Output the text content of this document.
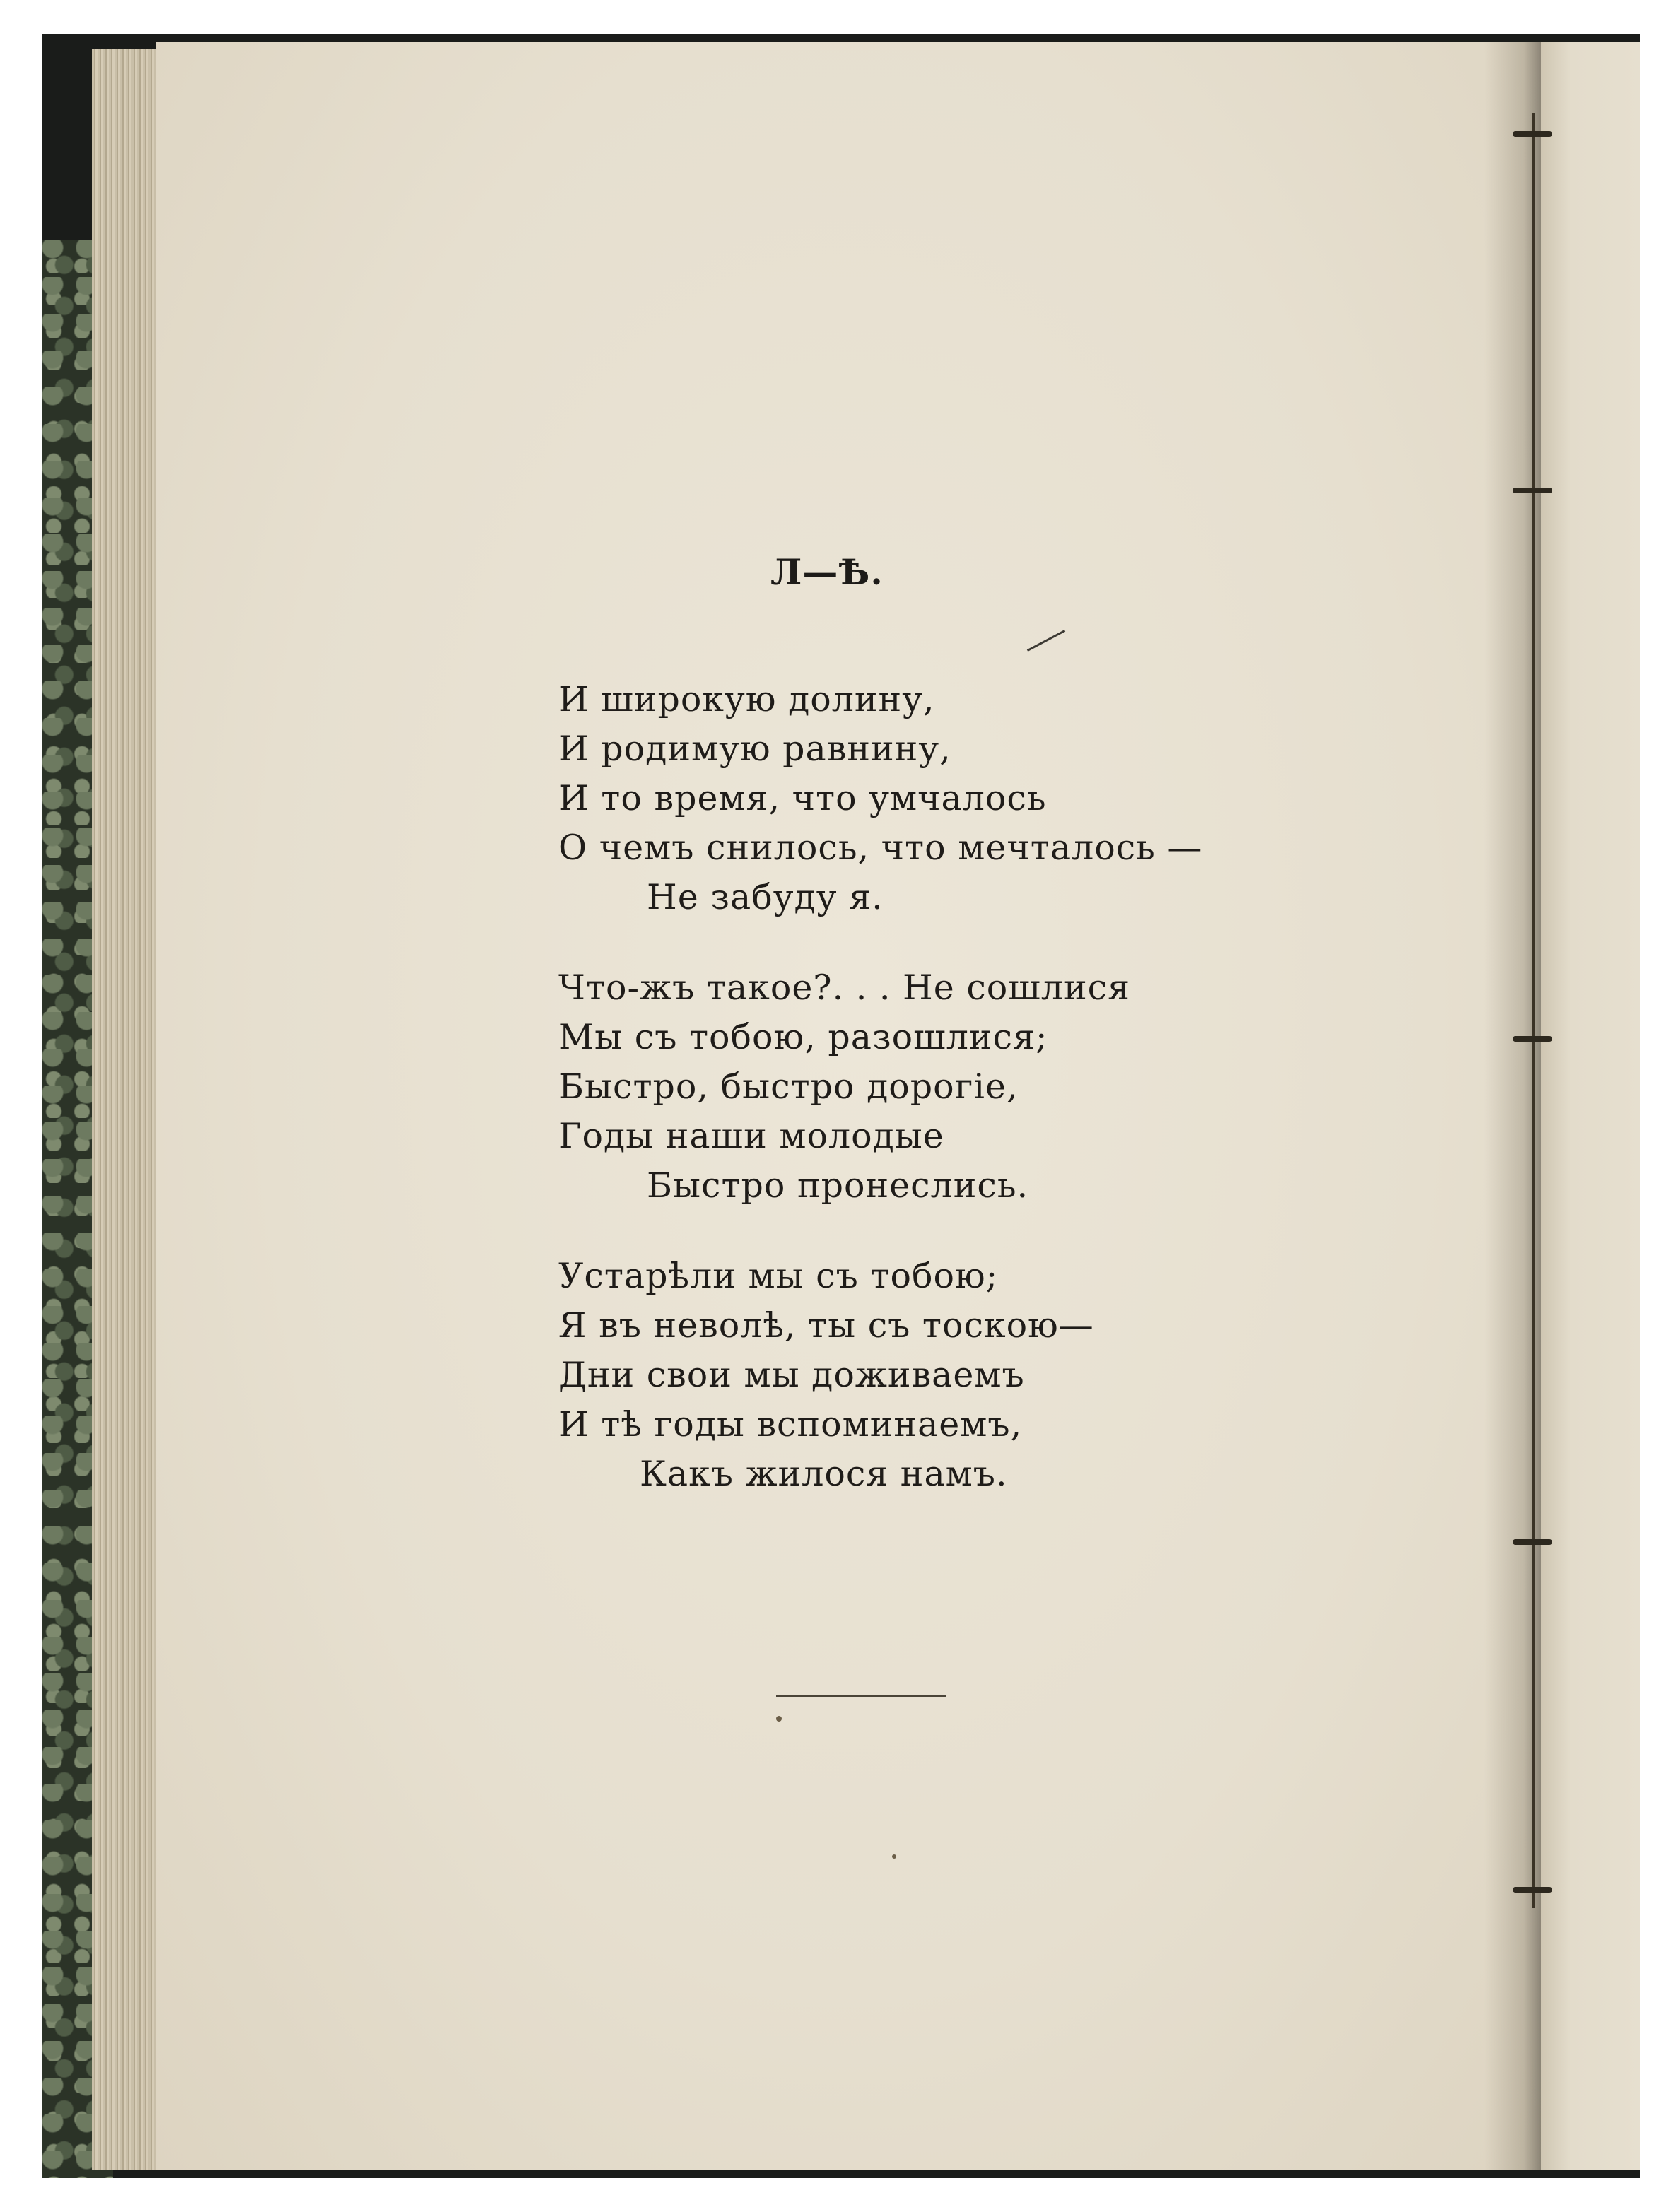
Л—Ѣ.
И широкую долину,
И родимую равнину,
И то время, что умчалось
О чемъ снилось, что мечталось —
Не забуду я.
Что-жъ такое?. . . Не сошлися
Мы съ тобою, разошлися;
Быстро, быстро дорогіе,
Годы наши молодые
Быстро пронеслись.
Устарѣли мы съ тобою;
Я въ неволѣ, ты съ тоскою—
Дни свои мы доживаемъ
И тѣ годы вспоминаемъ,
Какъ жилося намъ.
